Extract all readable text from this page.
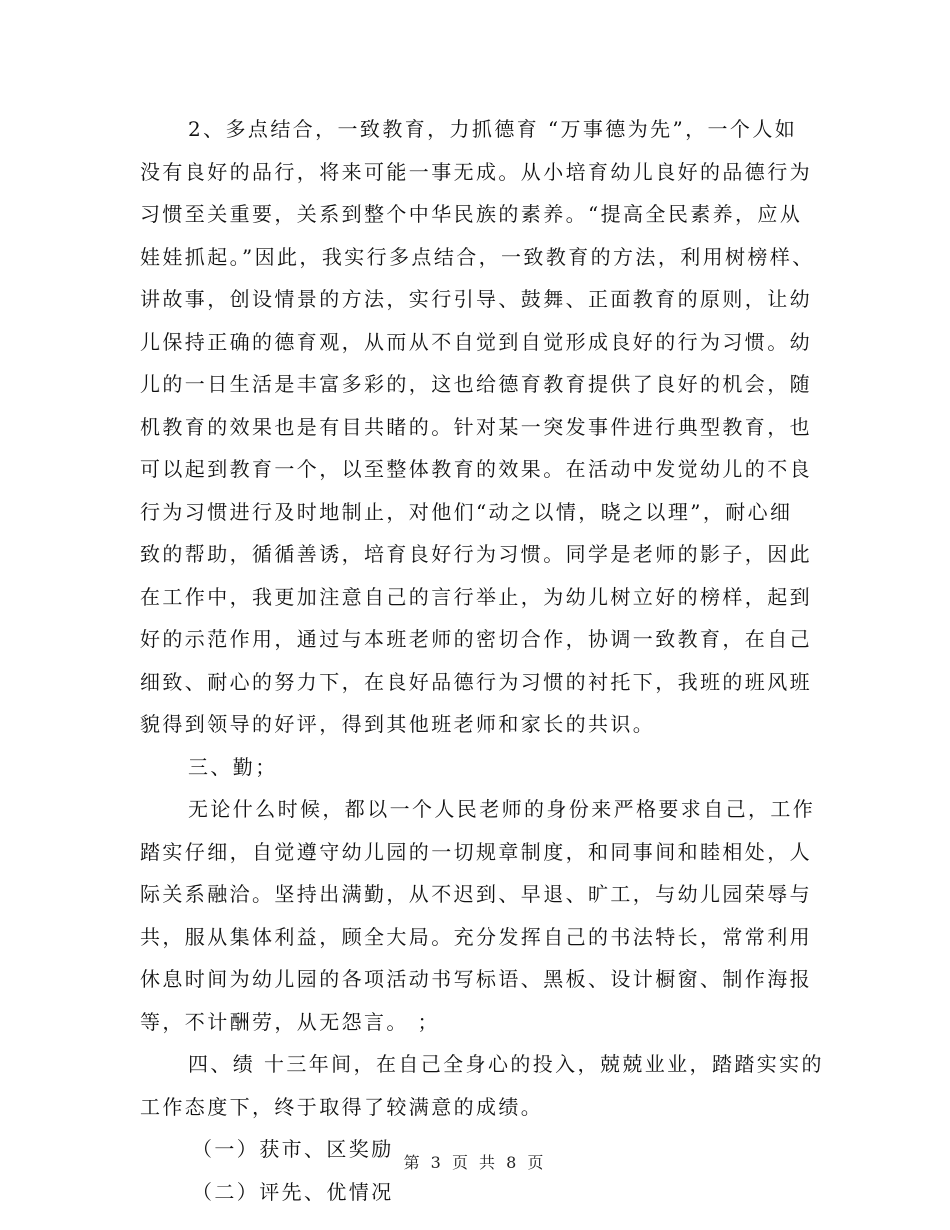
2、多点结合，一致教育，力抓德育 “万事德为先”，一个人如
没有良好的品行，将来可能一事无成。从小培育幼儿良好的品德行为
习惯至关重要，关系到整个中华民族的素养。“提高全民素养，应从
娃娃抓起。”因此，我实行多点结合，一致教育的方法，利用树榜样、
讲故事，创设情景的方法，实行引导、鼓舞、正面教育的原则，让幼
儿保持正确的德育观，从而从不自觉到自觉形成良好的行为习惯。幼
儿的一日生活是丰富多彩的，这也给德育教育提供了良好的机会，随
机教育的效果也是有目共睹的。针对某一突发事件进行典型教育，也
可以起到教育一个，以至整体教育的效果。在活动中发觉幼儿的不良
行为习惯进行及时地制止，对他们“动之以情，晓之以理”，耐心细
致的帮助，循循善诱，培育良好行为习惯。同学是老师的影子，因此
在工作中，我更加注意自己的言行举止，为幼儿树立好的榜样，起到
好的示范作用，通过与本班老师的密切合作，协调一致教育，在自己
细致、耐心的努力下，在良好品德行为习惯的衬托下，我班的班风班
貌得到领导的好评，得到其他班老师和家长的共识。
三、勤；
无论什么时候，都以一个人民老师的身份来严格要求自己，工作
踏实仔细，自觉遵守幼儿园的一切规章制度，和同事间和睦相处，人
际关系融洽。坚持出满勤，从不迟到、早退、旷工，与幼儿园荣辱与
共，服从集体利益，顾全大局。充分发挥自己的书法特长，常常利用
休息时间为幼儿园的各项活动书写标语、黑板、设计橱窗、制作海报
等，不计酬劳，从无怨言。 ；
四、绩 十三年间，在自己全身心的投入，兢兢业业，踏踏实实的
工作态度下，终于取得了较满意的成绩。
（一）获市、区奖励
（二）评先、优情况
第 3 页 共 8 页
